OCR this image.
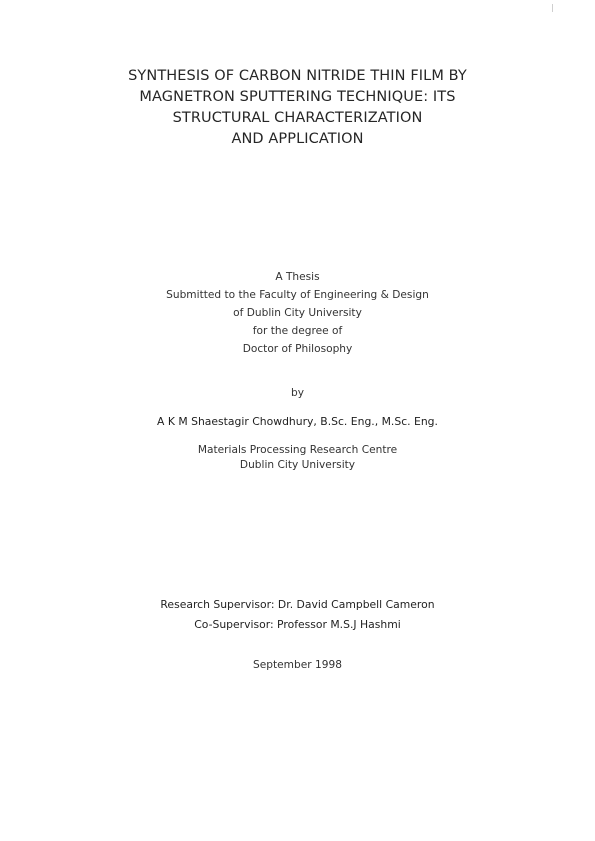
SYNTHESIS OF CARBON NITRIDE THIN FILM BY
MAGNETRON SPUTTERING TECHNIQUE: ITS
STRUCTURAL CHARACTERIZATION
AND APPLICATION
A Thesis
Submitted to the Faculty of Engineering & Design
of Dublin City University
for the degree of
Doctor of Philosophy
by
A K M Shaestagir Chowdhury, B.Sc. Eng., M.Sc. Eng.
Materials Processing Research Centre
Dublin City University
Research Supervisor: Dr. David Campbell Cameron
Co-Supervisor: Professor M.S.J Hashmi
September 1998
